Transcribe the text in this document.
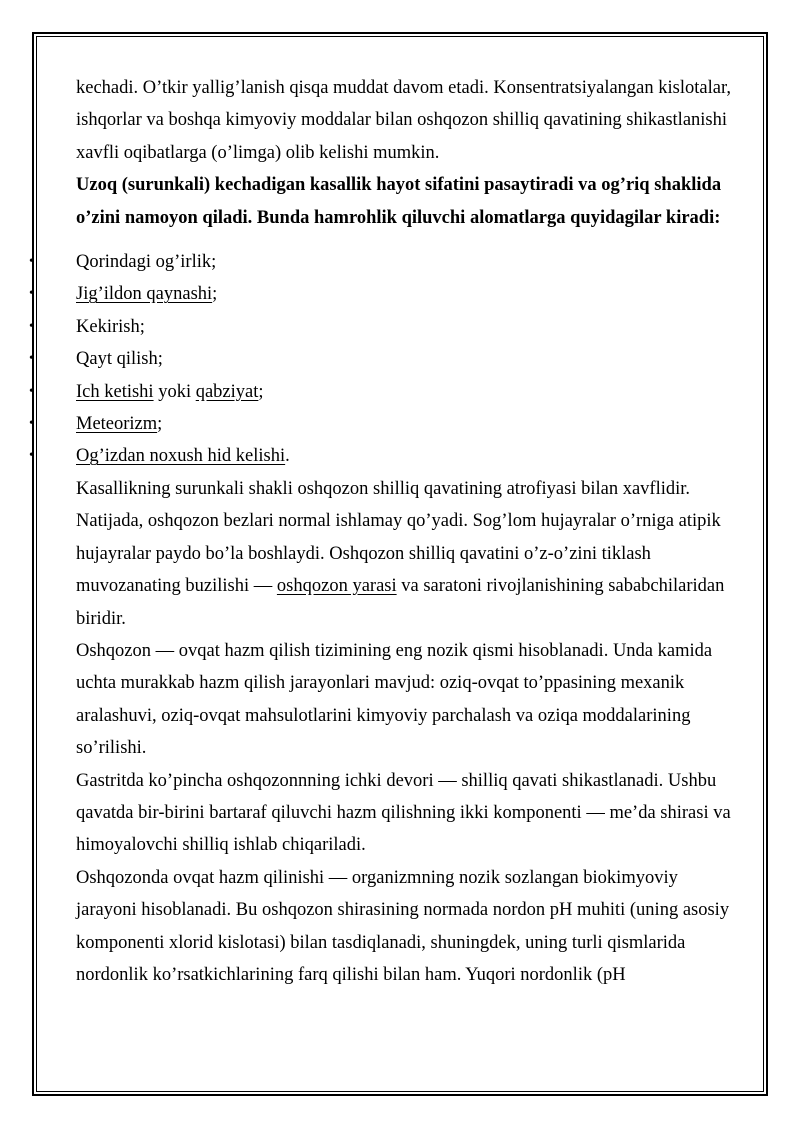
kechadi. O’tkir yallig’lanish qisqa muddat davom etadi. Konsentratsiyalangan kislotalar, ishqorlar va boshqa kimyoviy moddalar bilan oshqozon shilliq qavatining shikastlanishi xavfli oqibatlarga (o’limga) olib kelishi mumkin.

Uzoq (surunkali) kechadigan kasallik hayot sifatini pasaytiradi va og’riq shaklida o’zini namoyon qiladi. Bunda hamrohlik qiluvchi alomatlarga quyidagilar kiradi:

• Qorindagi og’irlik;
• Jig’ildon qaynashi;
• Kekirish;
• Qayt qilish;
• Ich ketishi yoki qabziyat;
• Meteorizm;
• Og’izdan noxush hid kelishi.

Kasallikning surunkali shakli oshqozon shilliq qavatining atrofiyasi bilan xavflidir. Natijada, oshqozon bezlari normal ishlamay qo’yadi. Sog’lom hujayralar o’rniga atipik hujayralar paydo bo’la boshlaydi. Oshqozon shilliq qavatini o’z-o’zini tiklash muvozanating buzilishi — oshqozon yarasi va saratoni rivojlanishining sababchilaridan biridir.

Oshqozon — ovqat hazm qilish tizimining eng nozik qismi hisoblanadi. Unda kamida uchta murakkab hazm qilish jarayonlari mavjud: oziq-ovqat to’ppasining mexanik aralashuvi, oziq-ovqat mahsulotlarini kimyoviy parchalash va oziqa moddalarining so’rilishi.

Gastritda ko’pincha oshqozonnning ichki devori — shilliq qavati shikastlanadi. Ushbu qavatda bir-birini bartaraf qiluvchi hazm qilishning ikki komponenti — me’da shirasi va himoyalovchi shilliq ishlab chiqariladi.

Oshqozonda ovqat hazm qilinishi — organizmning nozik sozlangan biokimyoviy jarayoni hisoblanadi. Bu oshqozon shirasining normada nordon pH muhiti (uning asosiy komponenti xlorid kislotasi) bilan tasdiqlanadi, shuningdek, uning turli qismlarida nordonlik ko’rsatkichlarining farq qilishi bilan ham. Yuqori nordonlik (pH
